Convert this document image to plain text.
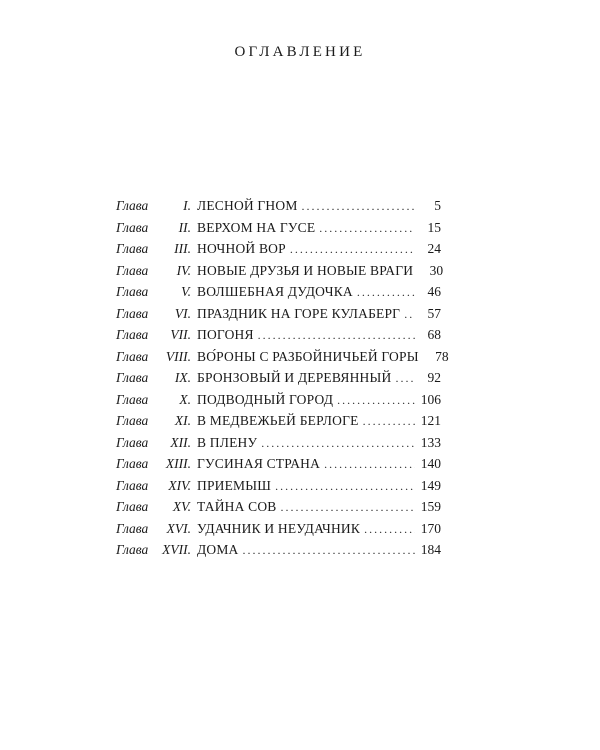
ОГЛАВЛЕНИЕ
Глава	I. ЛЕСНОЙ ГНОМ . . .	5
Глава	II. ВЕРХОМ НА ГУСЕ . . .	15
Глава	III. НОЧНОЙ ВОР . . .	24
Глава	IV. НОВЫЕ ДРУЗЬЯ И НОВЫЕ ВРАГИ	30
Глава	V. ВОЛШЕБНАЯ ДУДОЧКА . . .	46
Глава	VI. ПРАЗДНИК НА ГОРЕ КУЛАБЕРГ . . .	57
Глава	VII. ПОГОНЯ . . .	68
Глава	VIII. ВО́РОНЫ С РАЗБОЙНИЧЬЕЙ ГОРЫ	78
Глава	IX. БРОНЗОВЫЙ И ДЕРЕВЯННЫЙ . . .	92
Глава	X. ПОДВОДНЫЙ ГОРОД . . .	106
Глава	XI. В МЕДВЕЖЬЕЙ БЕРЛОГЕ . . .	121
Глава	XII. В ПЛЕНУ . . .	133
Глава	XIII. ГУСИНАЯ СТРАНА . . .	140
Глава	XIV. ПРИЕМЫШ . . .	149
Глава	XV. ТАЙНА СОВ . . .	159
Глава	XVI. УДАЧНИК И НЕУДАЧНИК . . .	170
Глава	XVII. ДОМА . . .	184
